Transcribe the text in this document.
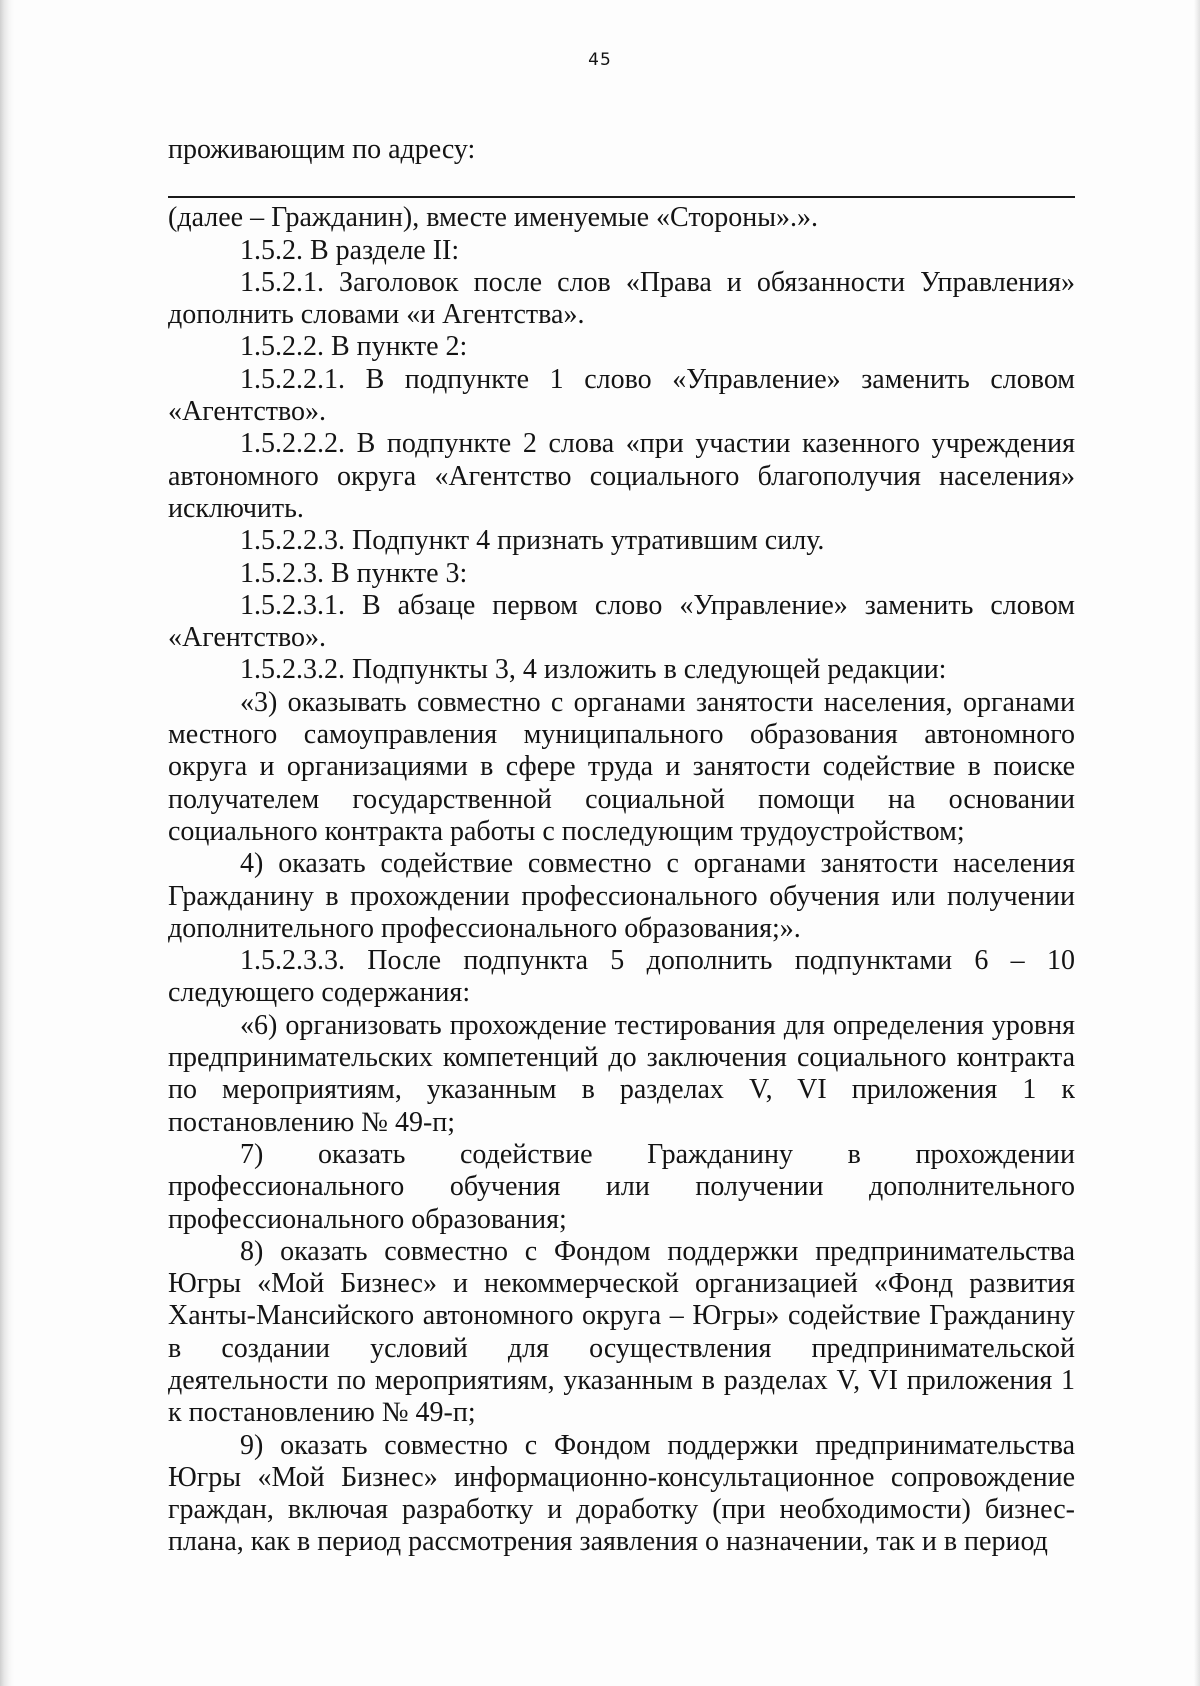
45

проживающим по адресу:

(далее – Гражданин), вместе именуемые «Стороны».».

1.5.2. В разделе II:

1.5.2.1. Заголовок после слов «Права и обязанности Управления» дополнить словами «и Агентства».

1.5.2.2. В пункте 2:

1.5.2.2.1. В подпункте 1 слово «Управление» заменить словом «Агентство».

1.5.2.2.2. В подпункте 2 слова «при участии казенного учреждения автономного округа «Агентство социального благополучия населения» исключить.

1.5.2.2.3. Подпункт 4 признать утратившим силу.

1.5.2.3. В пункте 3:

1.5.2.3.1. В абзаце первом слово «Управление» заменить словом «Агентство».

1.5.2.3.2. Подпункты 3, 4 изложить в следующей редакции:

«3) оказывать совместно с органами занятости населения, органами местного самоуправления муниципального образования автономного округа и организациями в сфере труда и занятости содействие в поиске получателем государственной социальной помощи на основании социального контракта работы с последующим трудоустройством;

4) оказать содействие совместно с органами занятости населения Гражданину в прохождении профессионального обучения или получении дополнительного профессионального образования;».

1.5.2.3.3. После подпункта 5 дополнить подпунктами 6 – 10 следующего содержания:

«6) организовать прохождение тестирования для определения уровня предпринимательских компетенций до заключения социального контракта по мероприятиям, указанным в разделах V, VI приложения 1 к постановлению № 49-п;

7) оказать содействие Гражданину в прохождении профессионального обучения или получении дополнительного профессионального образования;

8) оказать совместно с Фондом поддержки предпринимательства Югры «Мой Бизнес» и некоммерческой организацией «Фонд развития Ханты-Мансийского автономного округа – Югры» содействие Гражданину в создании условий для осуществления предпринимательской деятельности по мероприятиям, указанным в разделах V, VI приложения 1 к постановлению № 49-п;

9) оказать совместно с Фондом поддержки предпринимательства Югры «Мой Бизнес» информационно-консультационное сопровождение граждан, включая разработку и доработку (при необходимости) бизнес-плана, как в период рассмотрения заявления о назначении, так и в период
